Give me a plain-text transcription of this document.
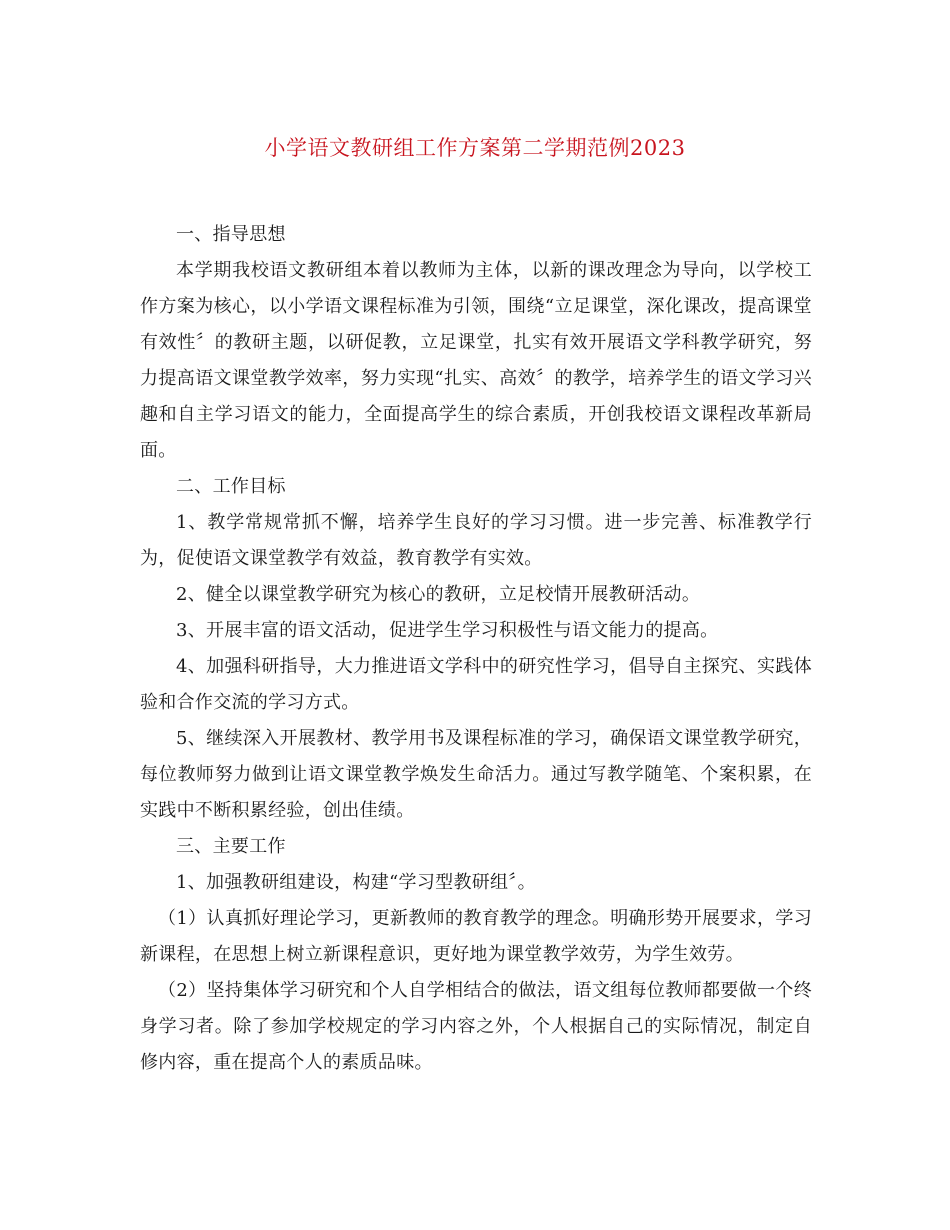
小学语文教研组工作方案第二学期范例2023

一、指导思想

本学期我校语文教研组本着以教师为主体，以新的课改理念为导向，以学校工作方案为核心，以小学语文课程标准为引领，围绕“立足课堂，深化课改，提高课堂有效性〞的教研主题，以研促教，立足课堂，扎实有效开展语文学科教学研究，努力提高语文课堂教学效率，努力实现“扎实、高效〞的教学，培养学生的语文学习兴趣和自主学习语文的能力，全面提高学生的综合素质，开创我校语文课程改革新局面。

二、工作目标

1、教学常规常抓不懈，培养学生良好的学习习惯。进一步完善、标准教学行为，促使语文课堂教学有效益，教育教学有实效。

2、健全以课堂教学研究为核心的教研，立足校情开展教研活动。

3、开展丰富的语文活动，促进学生学习积极性与语文能力的提高。

4、加强科研指导，大力推进语文学科中的研究性学习，倡导自主探究、实践体验和合作交流的学习方式。

5、继续深入开展教材、教学用书及课程标准的学习，确保语文课堂教学研究，每位教师努力做到让语文课堂教学焕发生命活力。通过写教学随笔、个案积累，在实践中不断积累经验，创出佳绩。

三、主要工作

1、加强教研组建设，构建“学习型教研组〞。

（1）认真抓好理论学习，更新教师的教育教学的理念。明确形势开展要求，学习新课程，在思想上树立新课程意识，更好地为课堂教学效劳，为学生效劳。

（2）坚持集体学习研究和个人自学相结合的做法，语文组每位教师都要做一个终身学习者。除了参加学校规定的学习内容之外，个人根据自己的实际情况，制定自修内容，重在提高个人的素质品味。
